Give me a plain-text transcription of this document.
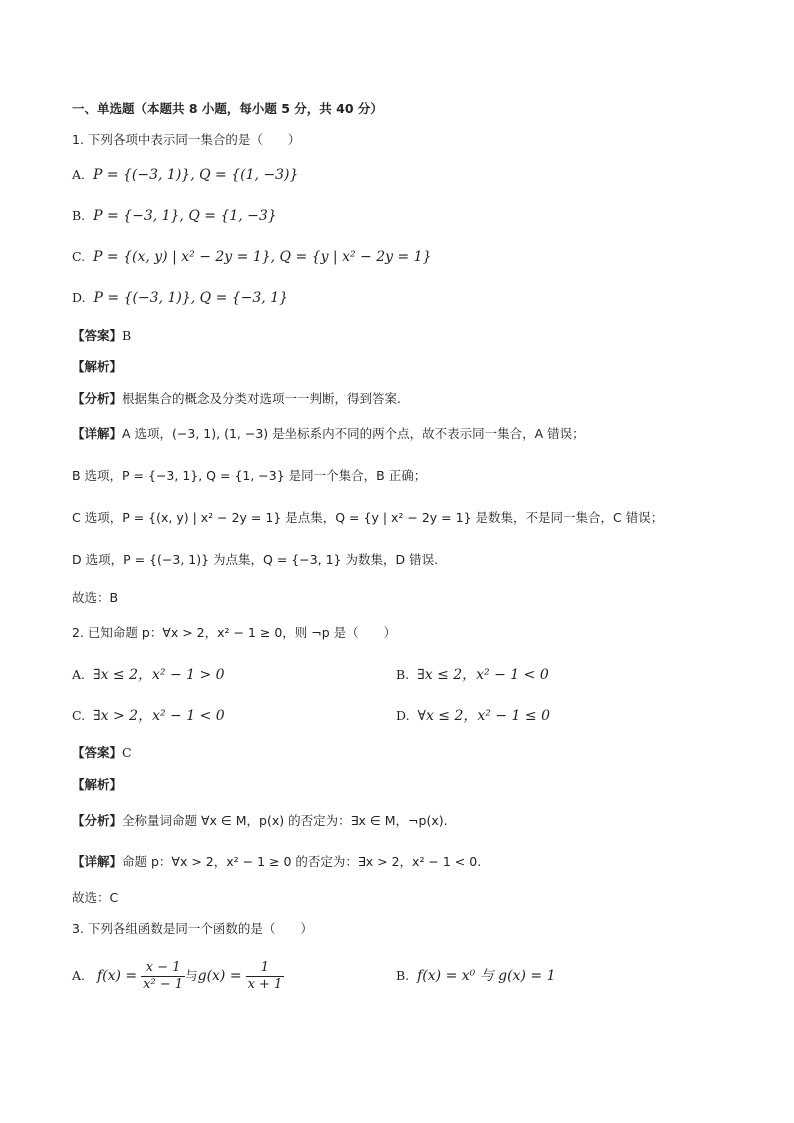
一、单选题（本题共 8 小题，每小题 5 分，共 40 分）
1. 下列各项中表示同一集合的是（　　）
A. P = {(−3, 1)}, Q = {(1, −3)}
B. P = {−3, 1}, Q = {1, −3}
C. P = {(x, y) | x² − 2y = 1}, Q = {y | x² − 2y = 1}
D. P = {(−3, 1)}, Q = {−3, 1}
【答案】B
【解析】
【分析】根据集合的概念及分类对选项一一判断，得到答案.
【详解】A 选项，(−3, 1), (1, −3) 是坐标系内不同的两个点，故不表示同一集合，A 错误；
B 选项，P = {−3, 1}, Q = {1, −3} 是同一个集合，B 正确；
C 选项，P = {(x, y) | x² − 2y = 1} 是点集，Q = {y | x² − 2y = 1} 是数集，不是同一集合，C 错误；
D 选项，P = {(−3, 1)} 为点集，Q = {−3, 1} 为数集，D 错误.
故选：B
2. 已知命题 p：∀x > 2，x² − 1 ≥ 0，则 ¬p 是（　　）
A. ∃x ≤ 2，x² − 1 > 0	B. ∃x ≤ 2，x² − 1 < 0
C. ∃x > 2，x² − 1 < 0	D. ∀x ≤ 2，x² − 1 ≤ 0
【答案】C
【解析】
【分析】全称量词命题 ∀x ∈ M，p(x) 的否定为：∃x ∈ M，¬p(x).
【详解】命题 p：∀x > 2，x² − 1 ≥ 0 的否定为：∃x > 2，x² − 1 < 0.
故选：C
3. 下列各组函数是同一个函数的是（　　）
A. $f(x) = \frac{x - 1}{\text{x² − 1}}$ 与$g(x) = \frac{1}{x + 1}$	B. f(x) = x⁰ 与 g(x) = 1
